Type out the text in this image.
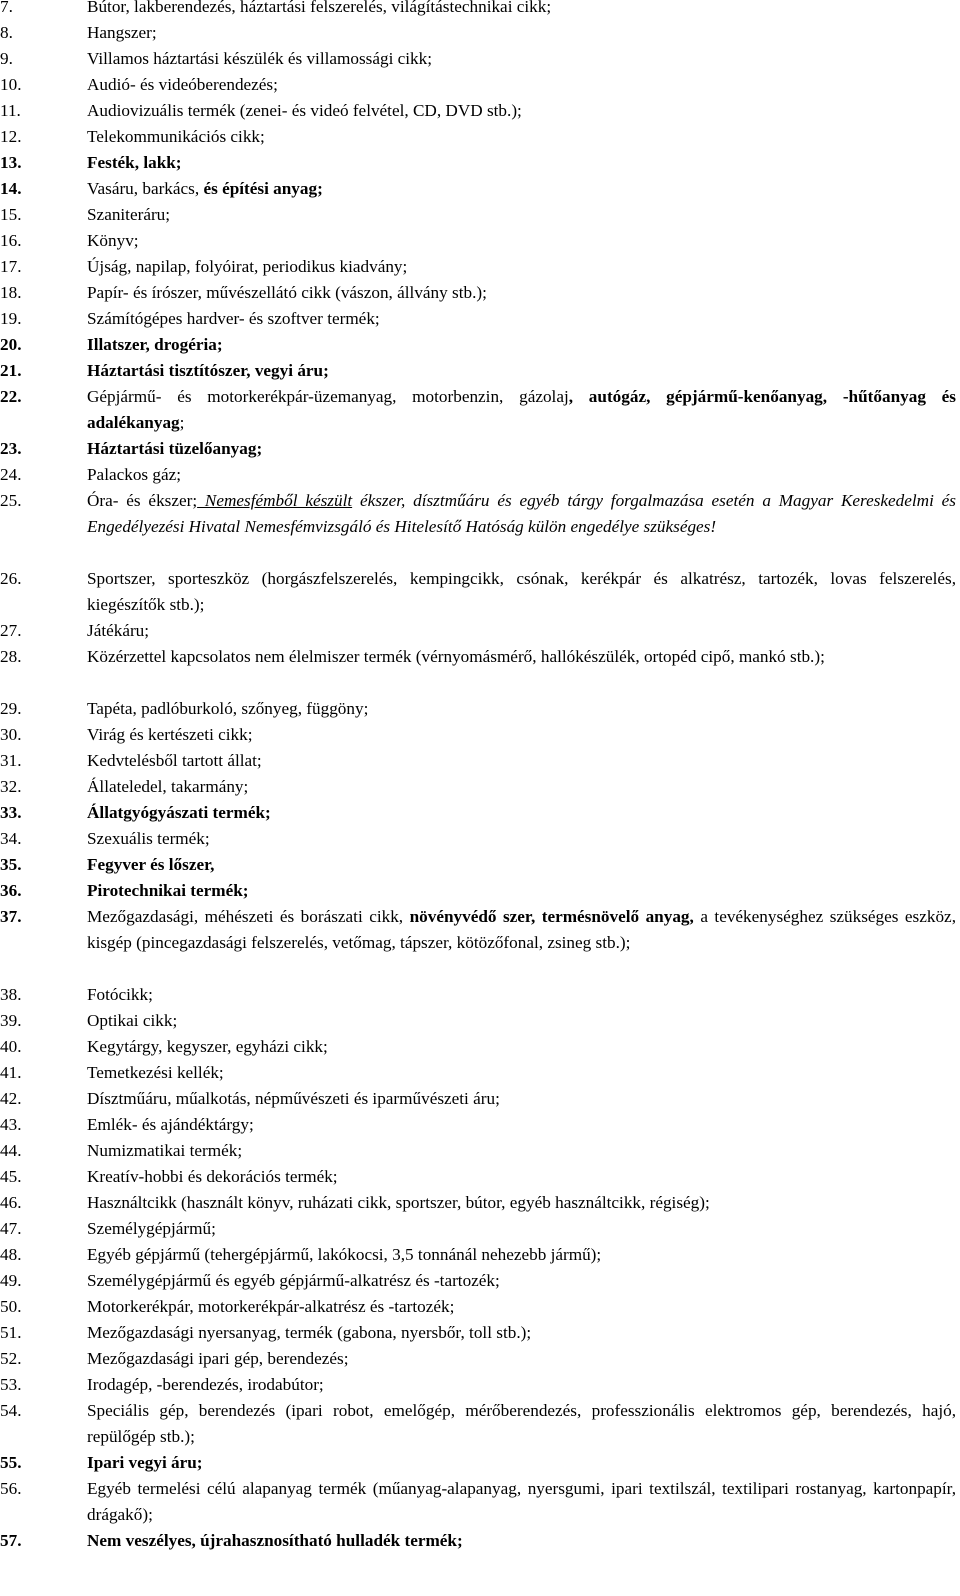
7.	Bútor, lakberendezés, háztartási felszerelés, világítástechnikai cikk;
8.	Hangszer;
9.	Villamos háztartási készülék és villamossági cikk;
10.	Audió- és videóberendezés;
11.	Audiovizuális termék (zenei- és videó felvétel, CD, DVD stb.);
12.	Telekommunikációs cikk;
13.	Festék, lakk;
14.	Vasáru, barkács, és építési anyag;
15.	Szaniteráru;
16.	Könyv;
17.	Újság, napilap, folyóirat, periodikus kiadvány;
18.	Papír- és írószer, művészellátó cikk (vászon, állvány stb.);
19.	Számítógépes hardver- és szoftver termék;
20.	Illatszer, drogéria;
21.	Háztartási tisztítószer, vegyi áru;
22.	Gépjármű- és motorkerékpár-üzemanyag, motorbenzin, gázolaj, autógáz, gépjármű-kenőanyag, -hűtőanyag és adalékanyag;
23.	Háztartási tüzelőanyag;
24.	Palackos gáz;
25.	Óra- és ékszer; Nemesfémből készült ékszer, dísztműáru és egyéb tárgy forgalmazása esetén a Magyar Kereskedelmi és Engedélyezési Hivatal Nemesfémvizsgáló és Hitelesítő Hatóság külön engedélye szükséges!
26.	Sportszer, sporteszköz (horgászfelszerelés, kempingcikk, csónak, kerékpár és alkatrész, tartozék, lovas felszerelés, kiegészítők stb.);
27.	Játékáru;
28.	Közérzettel kapcsolatos nem élelmiszer termék (vérnyomásmérő, hallókészülék, ortopéd cipő, mankó stb.);
29.	Tapéta, padlóburkoló, szőnyeg, függöny;
30.	Virág és kertészeti cikk;
31.	Kedvtelésből tartott állat;
32.	Állateledel, takarmány;
33.	Állatgyógyászati termék;
34.	Szexuális termék;
35.	Fegyver és lőszer,
36.	Pirotechnikai termék;
37.	Mezőgazdasági, méhészeti és borászati cikk, növényvédő szer, termésnövelő anyag, a tevékenységhez szükséges eszköz, kisgép (pincegazdasági felszerelés, vetőmag, tápszer, kötözőfonal, zsineg stb.);
38.	Fotócikk;
39.	Optikai cikk;
40.	Kegytárgy, kegyszer, egyházi cikk;
41.	Temetkezési kellék;
42.	Dísztműáru, műalkotás, népművészeti és iparművészeti áru;
43.	Emlék- és ajándéktárgy;
44.	Numizmatikai termék;
45.	Kreatív-hobbi és dekorációs termék;
46.	Használtcikk (használt könyv, ruházati cikk, sportszer, bútor, egyéb használtcikk, régiség);
47.	Személygépjármű;
48.	Egyéb gépjármű (tehergépjármű, lakókocsi, 3,5 tonnánál nehezebb jármű);
49.	Személygépjármű és egyéb gépjármű-alkatrész és -tartozék;
50.	Motorkerékpár, motorkerékpár-alkatrész és -tartozék;
51.	Mezőgazdasági nyersanyag, termék (gabona, nyersbőr, toll stb.);
52.	Mezőgazdasági ipari gép, berendezés;
53.	Irodagép, -berendezés, irodabútor;
54.	Speciális gép, berendezés (ipari robot, emelőgép, mérőberendezés, professzionális elektromos gép, berendezés, hajó, repülőgép stb.);
55.	Ipari vegyi áru;
56.	Egyéb termelési célú alapanyag termék (műanyag-alapanyag, nyersgumi, ipari textilszál, textilipari rostanyag, kartonpapír, drágakő);
57.	Nem veszélyes, újrahasznosítható hulladék termék;
